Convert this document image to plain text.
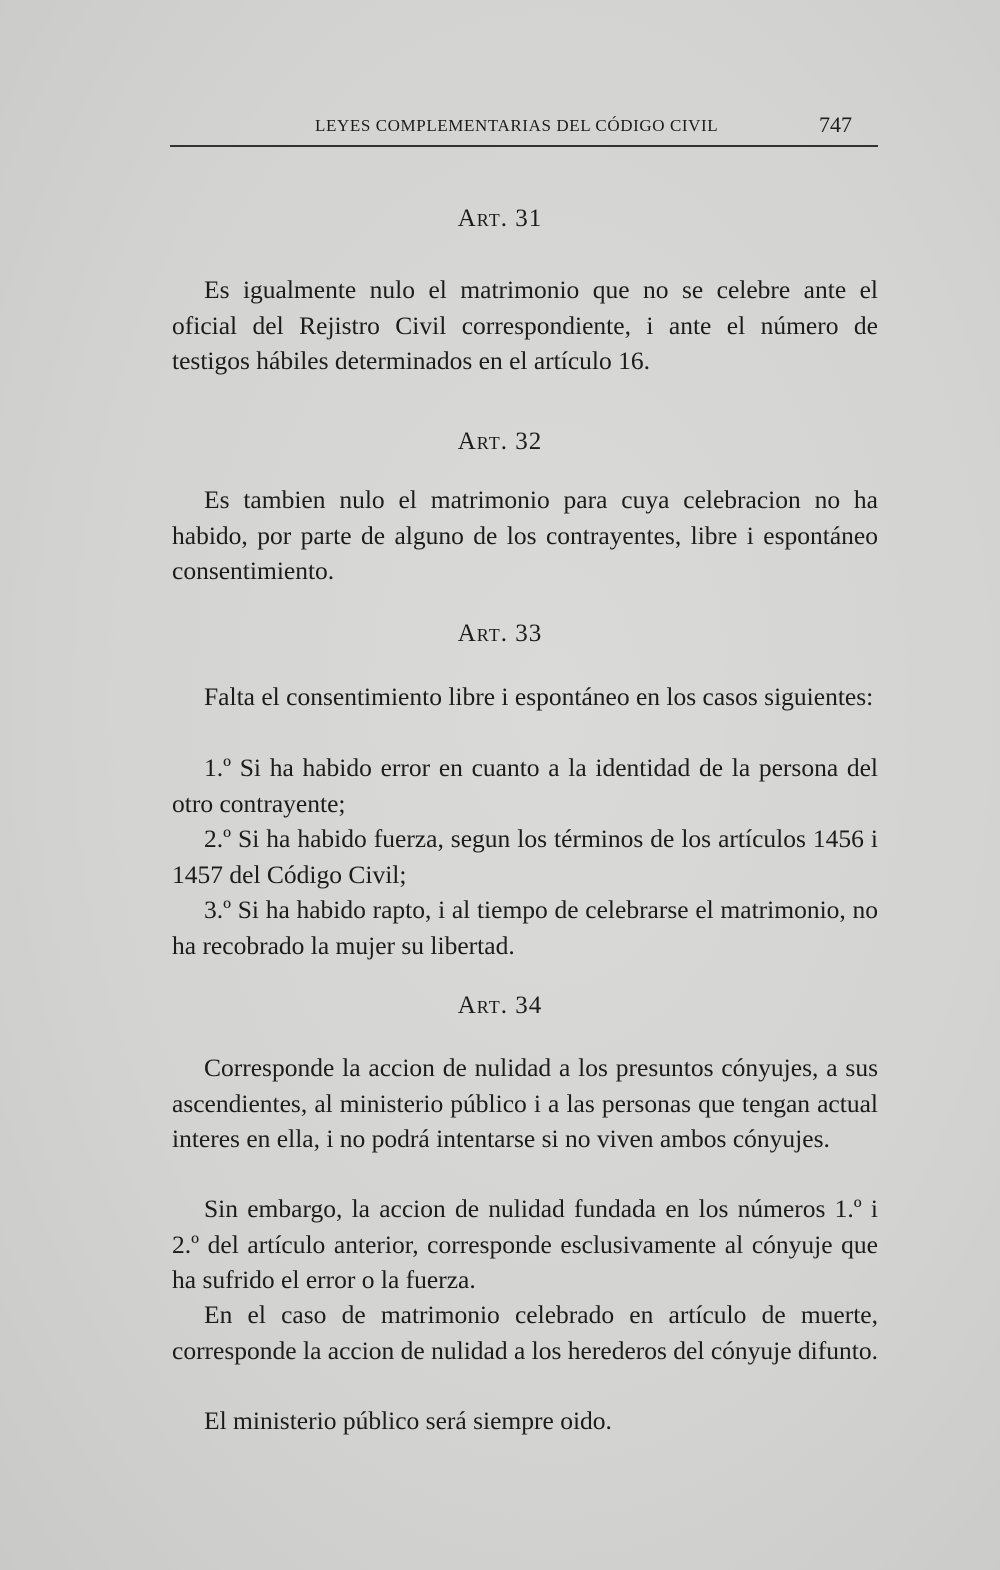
LEYES COMPLEMENTARIAS DEL CÓDIGO CIVIL	747
Art. 31

Es igualmente nulo el matrimonio que no se celebre ante el oficial del Rejistro Civil correspondiente, i ante el número de testigos hábiles determinados en el artículo 16.

Art. 32

Es tambien nulo el matrimonio para cuya celebracion no ha habido, por parte de alguno de los contrayentes, libre i espontáneo consentimiento.

Art. 33

Falta el consentimiento libre i espontáneo en los casos siguientes:

1.º Si ha habido error en cuanto a la identidad de la persona del otro contrayente;

2.º Si ha habido fuerza, segun los términos de los artículos 1456 i 1457 del Código Civil;

3.º Si ha habido rapto, i al tiempo de celebrarse el matrimonio, no ha recobrado la mujer su libertad.

Art. 34

Corresponde la accion de nulidad a los presuntos cónyujes, a sus ascendientes, al ministerio público i a las personas que tengan actual interes en ella, i no podrá intentarse si no viven ambos cónyujes.

Sin embargo, la accion de nulidad fundada en los números 1.º i 2.º del artículo anterior, corresponde esclusivamente al cónyuje que ha sufrido el error o la fuerza.

En el caso de matrimonio celebrado en artículo de muerte, corresponde la accion de nulidad a los herederos del cónyuje difunto.

El ministerio público será siempre oido.
